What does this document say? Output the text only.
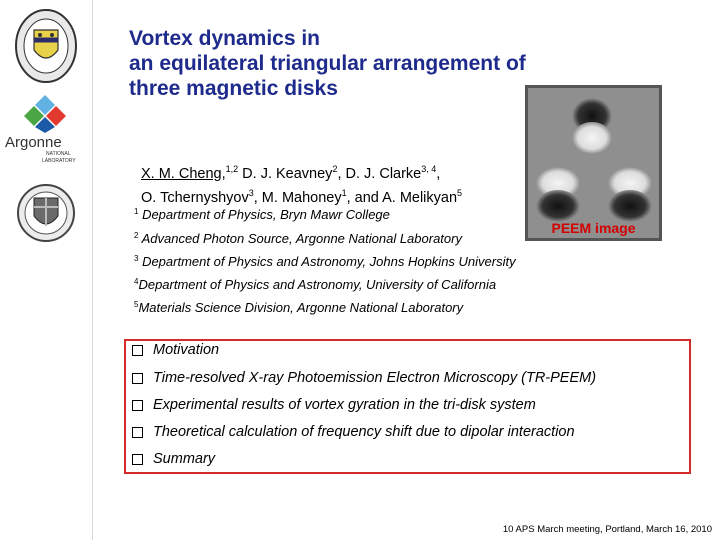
Argonne
NATIONAL
LABORATORY
Vortex dynamics in
an equilateral triangular arrangement of
three magnetic disks
X. M. Cheng,$^{1,2}$ D. J. Keavney$^2$, D. J. Clarke$^{3, 4}$,
O. Tchernyshyov$^3$, M. Mahoney$^1$, and A. Melikyan$^5$
$^1$ Department of Physics, Bryn Mawr College
$^2$ Advanced Photon Source, Argonne National Laboratory
$^3$ Department of Physics and Astronomy, Johns Hopkins University
$^4$Department of Physics and Astronomy, University of California
$^5$Materials Science Division, Argonne National Laboratory
PEEM image
Motivation
Time-resolved X-ray Photoemission Electron Microscopy (TR-PEEM)
Experimental results of vortex gyration in the tri-disk system
Theoretical calculation of frequency shift due to dipolar interaction
Summary
10 APS March meeting, Portland, March 16, 2010
